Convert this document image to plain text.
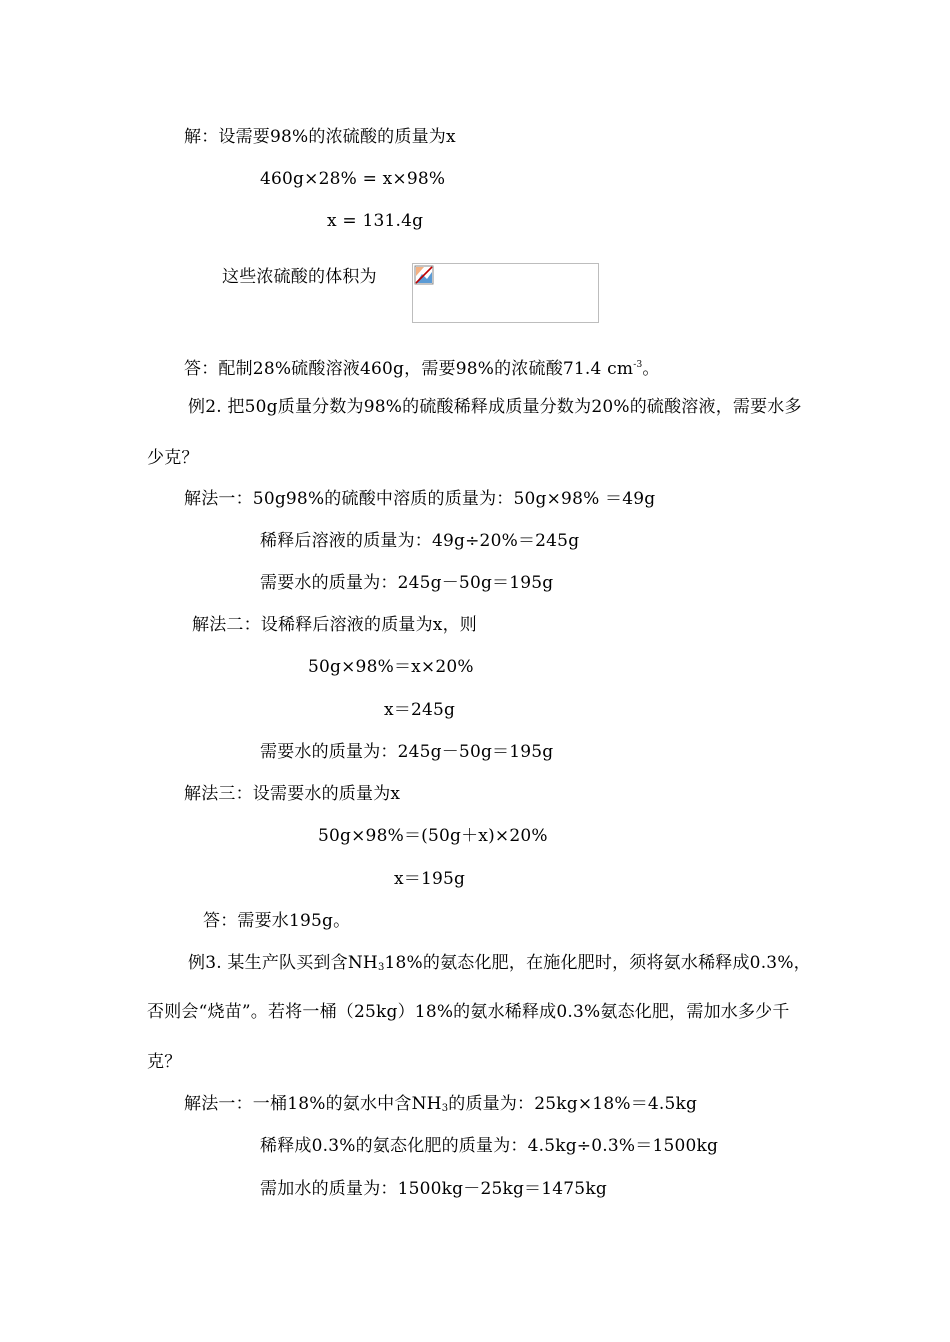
解：设需要98%的浓硫酸的质量为x
460g×28% = x×98%
x = 131.4g
这些浓硫酸的体积为
答：配制28%硫酸溶液460g，需要98%的浓硫酸71.4 $cm^{-3}$。
例2. 把50g质量分数为98%的硫酸稀释成质量分数为20%的硫酸溶液，需要水多
少克？
解法一：50g98%的硫酸中溶质的质量为：50g×98% ＝49g
稀释后溶液的质量为：49g÷20%＝245g
需要水的质量为：245g－50g＝195g
解法二：设稀释后溶液的质量为x，则
50g×98%＝x×20%
x＝245g
需要水的质量为：245g－50g＝195g
解法三：设需要水的质量为x
50g×98%＝(50g＋x)×20%
x＝195g
答：需要水195g。
例3. 某生产队买到含$NH_318\%$的氨态化肥，在施化肥时，须将氨水稀释成0.3%，
否则会“烧苗”。若将一桶（25kg）18%的氨水稀释成0.3%氨态化肥，需加水多少千
克？
解法一：一桶18%的氨水中含$NH_3$的质量为：25kg×18%＝4.5kg
稀释成0.3%的氨态化肥的质量为：4.5kg÷0.3%＝1500kg
需加水的质量为：1500kg－25kg＝1475kg
